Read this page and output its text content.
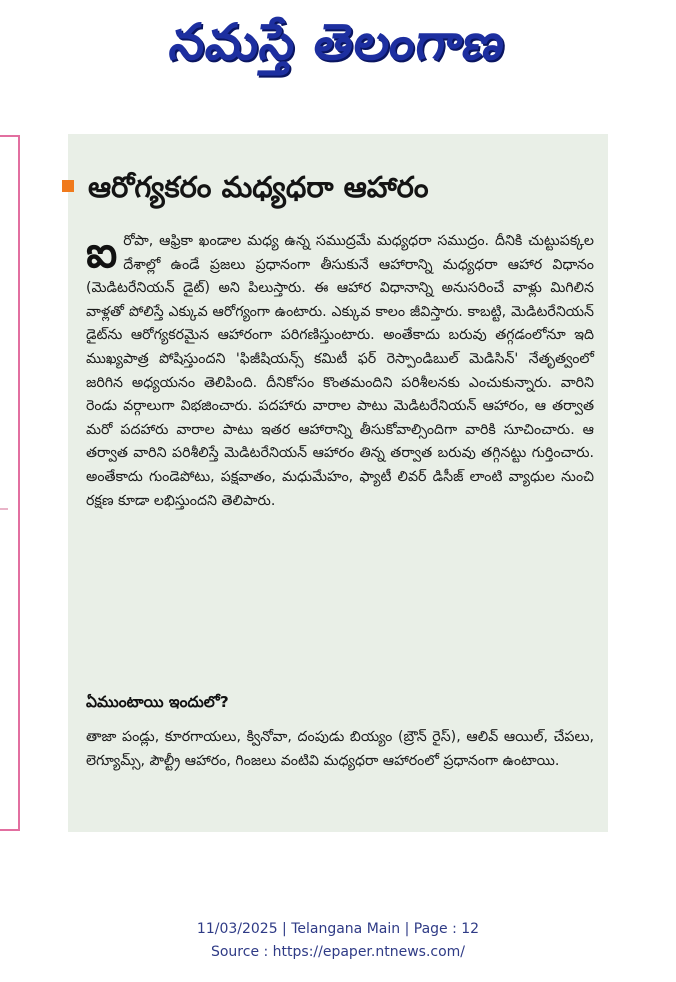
నమస్తే తెలంగాణ
ఆరోగ్యకరం మధ్యధరా ఆహారం

ఐ రోపా, ఆఫ్రికా ఖండాల మధ్య ఉన్న సముద్రమే మధ్యధరా సముద్రం. దీనికి చుట్టుపక్కల దేశాల్లో ఉండే ప్రజలు ప్రధానంగా తీసుకునే ఆహారాన్ని మధ్యధరా ఆహార విధానం (మెడిటరేనియన్ డైట్) అని పిలుస్తారు. ఈ ఆహార విధానాన్ని అనుసరించే వాళ్లు మిగిలిన వాళ్లతో పోలిస్తే ఎక్కువ ఆరోగ్యంగా ఉంటారు. ఎక్కువ కాలం జీవిస్తారు. కాబట్టి, మెడిటరేనియన్ డైట్‌ను ఆరోగ్యకరమైన ఆహారంగా పరిగణిస్తుంటారు. అంతేకాదు బరువు తగ్గడంలోనూ ఇది ముఖ్యపాత్ర పోషిస్తుందని 'ఫిజీషియన్స్ కమిటీ ఫర్ రెస్పాండిబుల్ మెడిసిన్' నేతృత్వంలో జరిగిన అధ్యయనం తెలిపింది. దీనికోసం కొంతమందిని పరిశీలనకు ఎంచుకున్నారు. వారిని రెండు వర్గాలుగా విభజించారు. పదహారు వారాల పాటు మెడిటరేనియన్ ఆహారం, ఆ తర్వాత మరో పదహారు వారాల పాటు ఇతర ఆహారాన్ని తీసుకోవాల్సిందిగా వారికి సూచించారు. ఆ తర్వాత వారిని పరిశీలిస్తే మెడిటరేనియన్ ఆహారం తిన్న తర్వాత బరువు తగ్గినట్టు గుర్తించారు. అంతేకాదు గుండెపోటు, పక్షవాతం, మధుమేహం, ఫ్యాటీ లివర్ డిసీజ్ లాంటి వ్యాధుల నుంచి రక్షణ కూడా లభిస్తుందని తెలిపారు.

ఏముంటాయి ఇందులో?
తాజా పండ్లు, కూరగాయలు, క్వినోవా, దంపుడు బియ్యం (బ్రౌన్ రైస్), ఆలివ్ ఆయిల్, చేపలు, లెగ్యూమ్స్, పౌల్ట్రీ ఆహారం, గింజలు వంటివి మధ్యధరా ఆహారంలో ప్రధానంగా ఉంటాయి.
11/03/2025 | Telangana Main | Page : 12
Source : https://epaper.ntnews.com/
